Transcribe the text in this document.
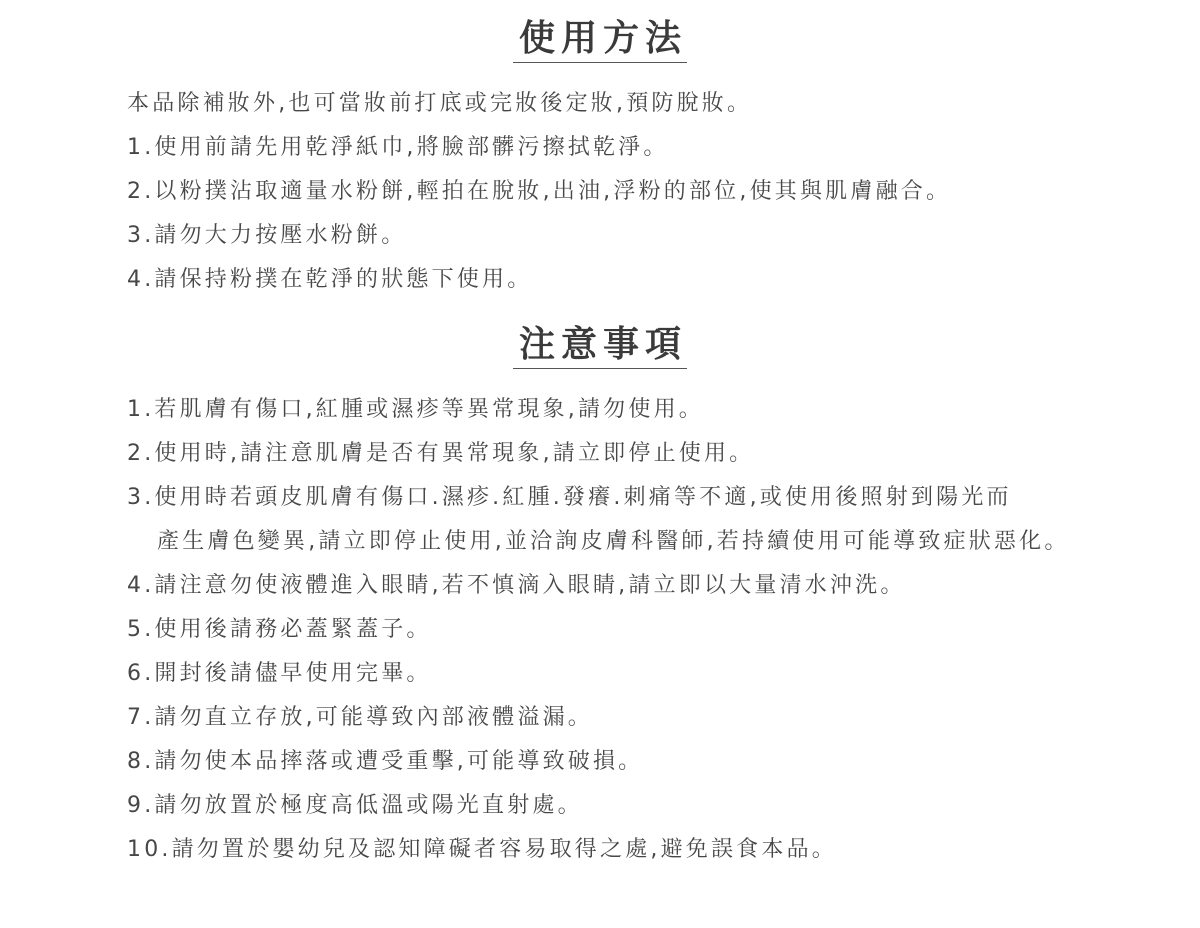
使用方法
本品除補妝外,也可當妝前打底或完妝後定妝,預防脫妝。
1.使用前請先用乾淨紙巾,將臉部髒污擦拭乾淨。
2.以粉撲沾取適量水粉餅,輕拍在脫妝,出油,浮粉的部位,使其與肌膚融合。
3.請勿大力按壓水粉餅。
4.請保持粉撲在乾淨的狀態下使用。
注意事項
1.若肌膚有傷口,紅腫或濕疹等異常現象,請勿使用。
2.使用時,請注意肌膚是否有異常現象,請立即停止使用。
3.使用時若頭皮肌膚有傷口.濕疹.紅腫.發癢.刺痛等不適,或使用後照射到陽光而
產生膚色變異,請立即停止使用,並洽詢皮膚科醫師,若持續使用可能導致症狀惡化。
4.請注意勿使液體進入眼睛,若不慎滴入眼睛,請立即以大量清水沖洗。
5.使用後請務必蓋緊蓋子。
6.開封後請儘早使用完畢。
7.請勿直立存放,可能導致內部液體溢漏。
8.請勿使本品摔落或遭受重擊,可能導致破損。
9.請勿放置於極度高低溫或陽光直射處。
10.請勿置於嬰幼兒及認知障礙者容易取得之處,避免誤食本品。
